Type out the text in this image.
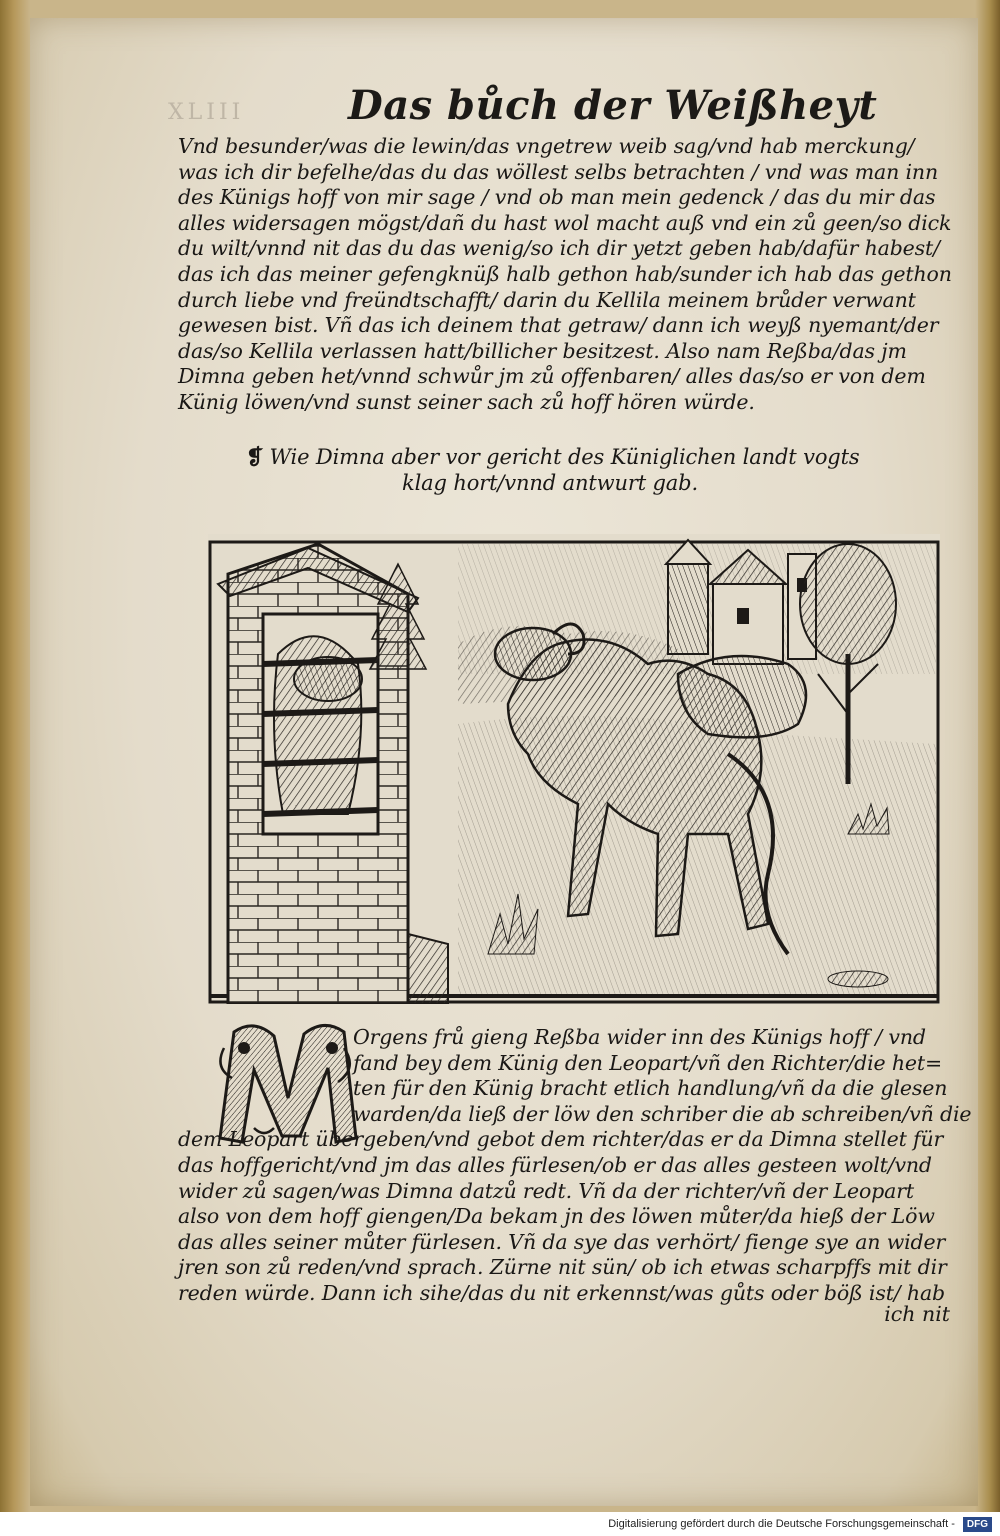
XLIII	Das bůch der Weißheyt
Vnd besunder/was die lewin/das vngetrew weib sag/vnd hab merckung/
was ich dir befelhe/das du das wöllest selbs betrachten / vnd was man inn
des Künigs hoff von mir sage / vnd ob man mein gedenck / das du mir das
alles widersagen mögst/dañ du hast wol macht auß vnd ein zů geen/so dick
du wilt/vnnd nit das du das wenig/so ich dir yetzt geben hab/dafür habest/
das ich das meiner gefengknüß halb gethon hab/sunder ich hab das gethon
durch liebe vnd freündtschafft/ darin du Kellila meinem brůder verwant
gewesen bist. Vñ das ich deinem that getraw/ dann ich weyß nyemant/der
das/so Kellila verlassen hatt/billicher besitzest. Also nam Reßba/das jm
Dimna geben het/vnnd schwůr jm zů offenbaren/ alles das/so er von dem
Künig löwen/vnd sunst seiner sach zů hoff hören würde.
❡ Wie Dimna aber vor gericht des Küniglichen landt vogts
klag hort/vnnd antwurt gab.
Orgens frů gieng Reßba wider inn des Künigs hoff / vnd
fand bey dem Künig den Leopart/vñ den Richter/die het=
ten für den Künig bracht etlich handlung/vñ da die glesen
warden/da ließ der löw den schriber die ab schreiben/vñ die
dem Leopart übergeben/vnd gebot dem richter/das er da Dimna stellet für
das hoffgericht/vnd jm das alles fürlesen/ob er das alles gesteen wolt/vnd
wider zů sagen/was Dimna datzů redt. Vñ da der richter/vñ der Leopart
also von dem hoff giengen/Da bekam jn des löwen můter/da hieß der Löw
das alles seiner můter fürlesen. Vñ da sye das verhört/ fienge sye an wider
jren son zů reden/vnd sprach. Zürne nit sün/ ob ich etwas scharpffs mit dir
reden würde. Dann ich sihe/das du nit erkennst/was gůts oder böß ist/ hab
ich nit
Digitalisierung gefördert durch die Deutsche Forschungsgemeinschaft -	DFG
